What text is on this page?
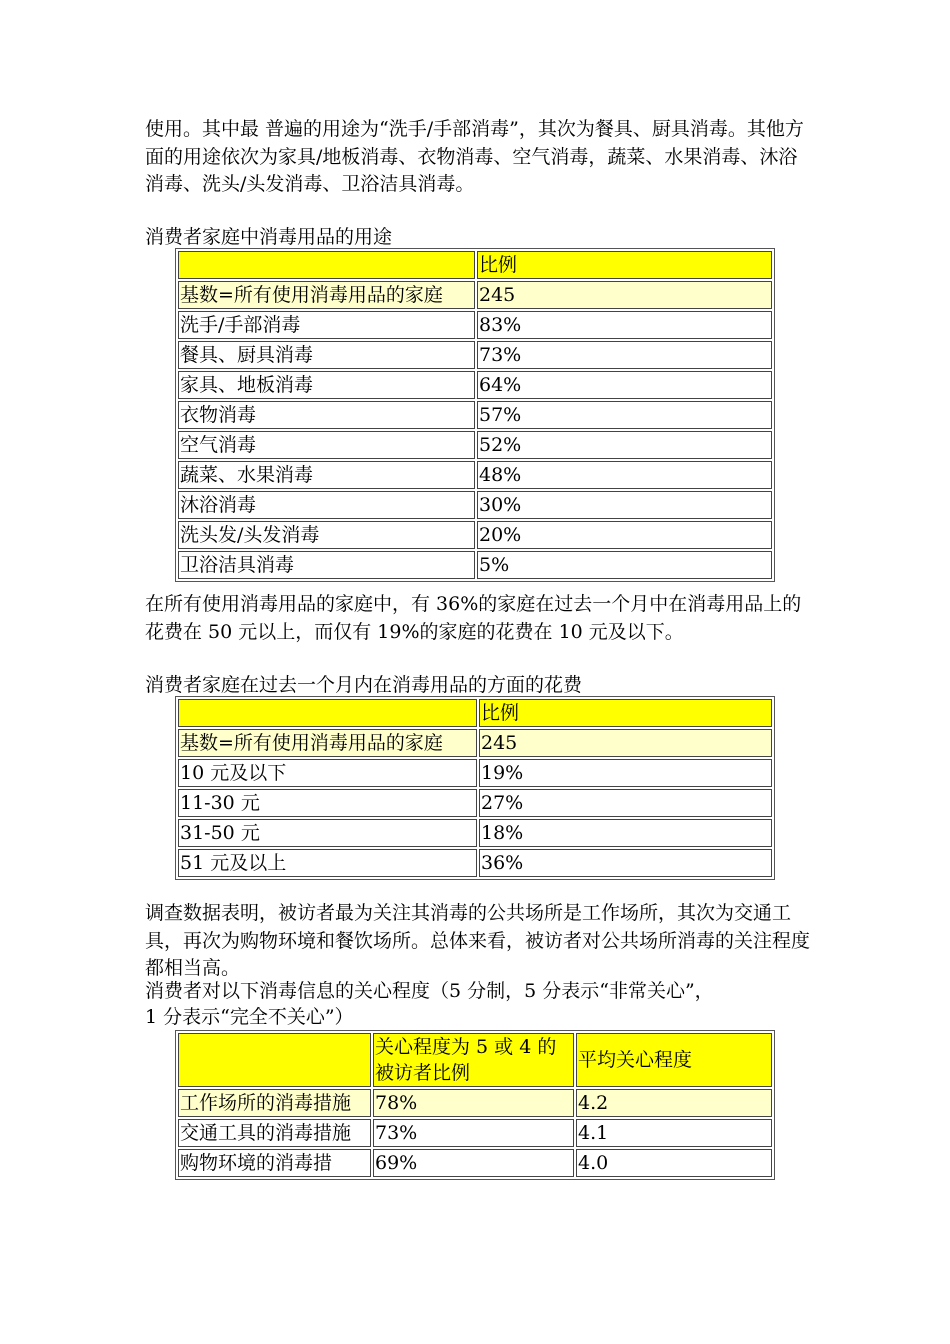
使用。其中最 普遍的用途为“洗手/手部消毒”，其次为餐具、厨具消毒。其他方面的用途依次为家具/地板消毒、衣物消毒、空气消毒，蔬菜、水果消毒、沐浴消毒、洗头/头发消毒、卫浴洁具消毒。

消费者家庭中消毒用品的用途

	比例
基数=所有使用消毒用品的家庭	245
洗手/手部消毒	83%
餐具、厨具消毒	73%
家具、地板消毒	64%
衣物消毒	57%
空气消毒	52%
蔬菜、水果消毒	48%
沐浴消毒	30%
洗头发/头发消毒	20%
卫浴洁具消毒	5%

在所有使用消毒用品的家庭中，有 36%的家庭在过去一个月中在消毒用品上的花费在 50 元以上，而仅有 19%的家庭的花费在 10 元及以下。

消费者家庭在过去一个月内在消毒用品的方面的花费

	比例
基数=所有使用消毒用品的家庭	245
10 元及以下	19%
11-30 元	27%
31-50 元	18%
51 元及以上	36%

调查数据表明，被访者最为关注其消毒的公共场所是工作场所，其次为交通工具，再次为购物环境和餐饮场所。总体来看，被访者对公共场所消毒的关注程度都相当高。

消费者对以下消毒信息的关心程度（5 分制，5 分表示“非常关心”，

1 分表示“完全不关心”）

	关心程度为 5 或 4 的被访者比例	平均关心程度
工作场所的消毒措施	78%	4.2
交通工具的消毒措施	73%	4.1
购物环境的消毒措	69%	4.0
